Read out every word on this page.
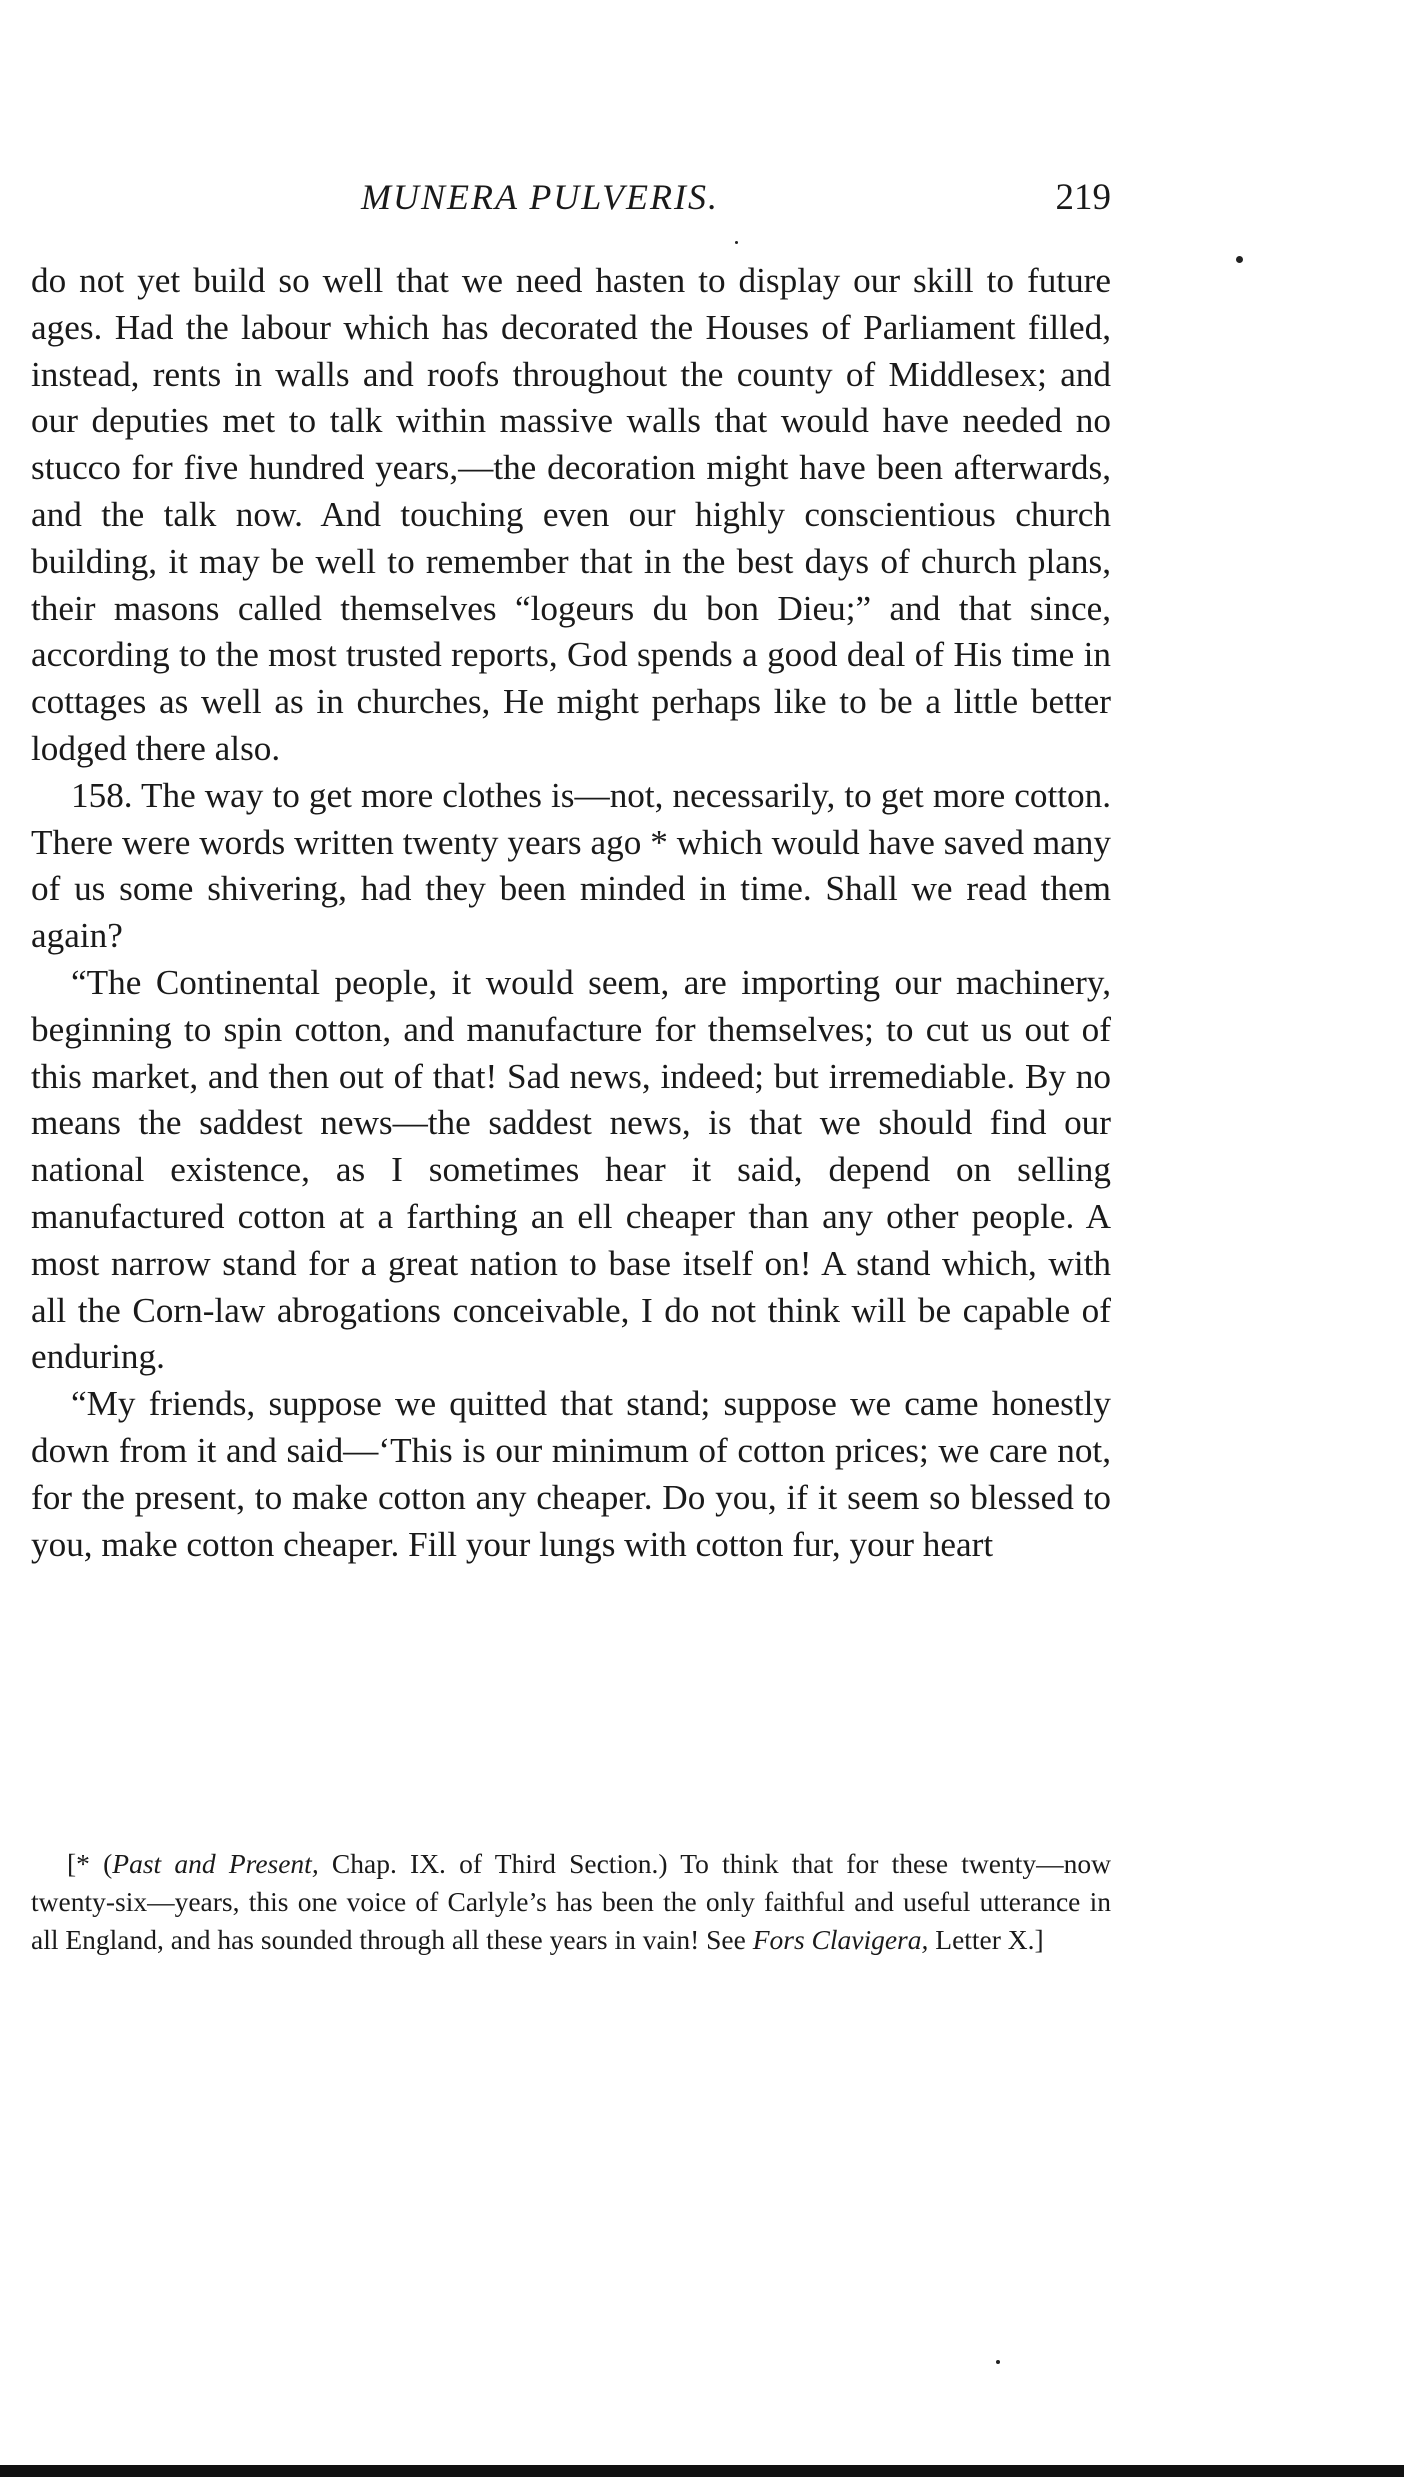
MUNERA PULVERIS.	219

do not yet build so well that we need hasten to display our skill to future ages. Had the labour which has decorated the Houses of Parliament filled, instead, rents in walls and roofs throughout the county of Middlesex; and our deputies met to talk within massive walls that would have needed no stucco for five hundred years,—the decoration might have been afterwards, and the talk now. And touching even our highly conscientious church building, it may be well to remember that in the best days of church plans, their masons called themselves “logeurs du bon Dieu;” and that since, according to the most trusted reports, God spends a good deal of His time in cottages as well as in churches, He might perhaps like to be a little better lodged there also.

158. The way to get more clothes is—not, necessarily, to get more cotton. There were words written twenty years ago * which would have saved many of us some shivering, had they been minded in time. Shall we read them again?

“The Continental people, it would seem, are importing our machinery, beginning to spin cotton, and manufacture for themselves; to cut us out of this market, and then out of that! Sad news, indeed; but irremediable. By no means the saddest news—the saddest news, is that we should find our national existence, as I sometimes hear it said, depend on selling manufactured cotton at a farthing an ell cheaper than any other people. A most narrow stand for a great nation to base itself on! A stand which, with all the Corn-law abrogations conceivable, I do not think will be capable of enduring.

“My friends, suppose we quitted that stand; suppose we came honestly down from it and said—‘This is our minimum of cotton prices; we care not, for the present, to make cotton any cheaper. Do you, if it seem so blessed to you, make cotton cheaper. Fill your lungs with cotton fur, your heart

[* (Past and Present, Chap. IX. of Third Section.) To think that for these twenty—now twenty-six—years, this one voice of Carlyle’s has been the only faithful and useful utterance in all England, and has sounded through all these years in vain! See Fors Clavigera, Letter X.]
